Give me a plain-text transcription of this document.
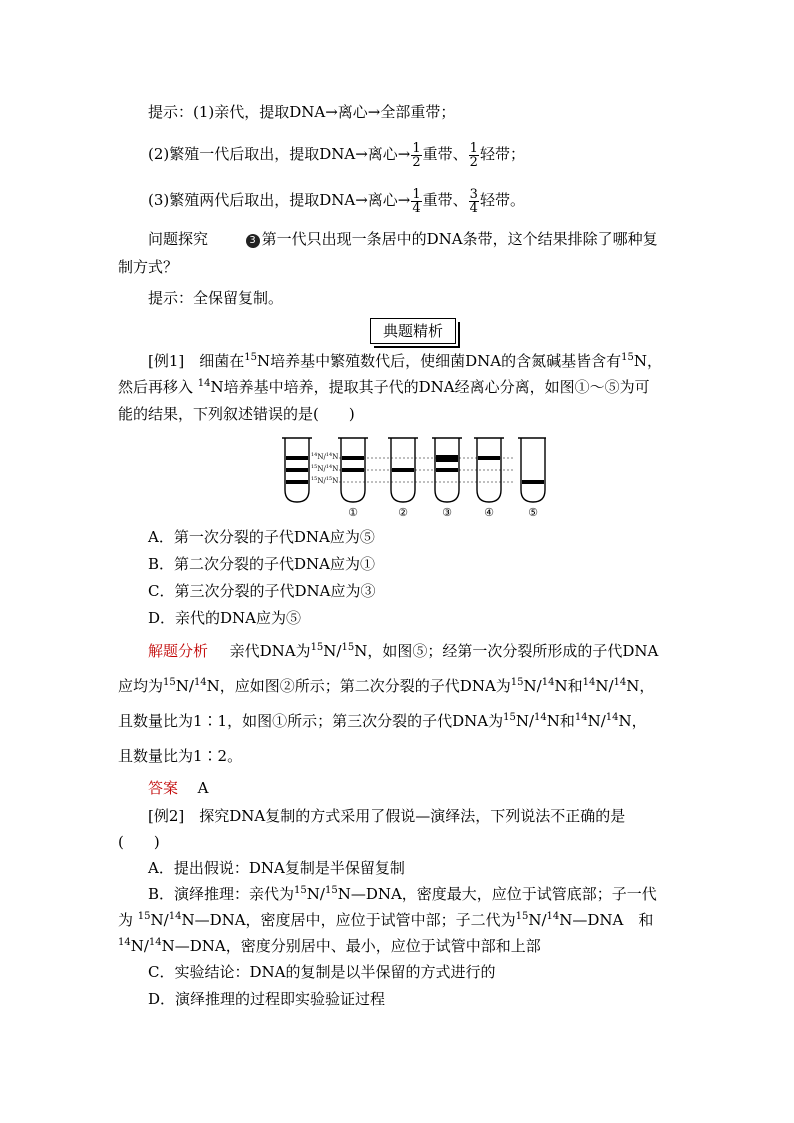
提示：(1)亲代，提取DNA→离心→全部重带；
(2)繁殖一代后取出，提取DNA→离心→ $\frac{1}{2}$ 重带、 $\frac{1}{2}$ 轻带；
(3)繁殖两代后取出，提取DNA→离心→ $\frac{1}{4}$ 重带、 $\frac{3}{4}$ 轻带。
问题探究	3 第一代只出现一条居中的DNA条带，这个结果排除了哪种复
制方式？
提示：全保留复制。
典题精析
[例1]　细菌在$^{15}$N培养基中繁殖数代后，使细菌DNA的含氮碱基皆含有$^{15}$N，
然后再移入 $^{14}$N培养基中培养，提取其子代的DNA经离心分离，如图①～⑤为可
能的结果，下列叙述错误的是(　　)
$^{14}$N/$^{14}$N
$^{15}$N/$^{14}$N
$^{15}$N/$^{15}$N
①	②	③	④	⑤
A．第一次分裂的子代DNA应为⑤
B．第二次分裂的子代DNA应为①
C．第三次分裂的子代DNA应为③
D．亲代的DNA应为⑤
解题分析 亲代DNA为$^{15}$N/$^{15}$N，如图⑤；经第一次分裂所形成的子代DNA
应均为$^{15}$N/$^{14}$N，应如图②所示；第二次分裂的子代DNA为$^{15}$N/$^{14}$N和$^{14}$N/$^{14}$N，
且数量比为1∶1，如图①所示；第三次分裂的子代DNA为$^{15}$N/$^{14}$N和$^{14}$N/$^{14}$N，
且数量比为1∶2。
答案 A
[例2]　探究DNA复制的方式采用了假说—演绎法，下列说法不正确的是
(　　)
A．提出假说：DNA复制是半保留复制
B．演绎推理：亲代为$^{15}$N/$^{15}$N—DNA，密度最大，应位于试管底部；子一代
为 $^{15}$N/$^{14}$N—DNA，密度居中，应位于试管中部；子二代为$^{15}$N/$^{14}$N—DNA　和
$^{14}$N/$^{14}$N—DNA，密度分别居中、最小，应位于试管中部和上部
C．实验结论：DNA的复制是以半保留的方式进行的
D．演绎推理的过程即实验验证过程
